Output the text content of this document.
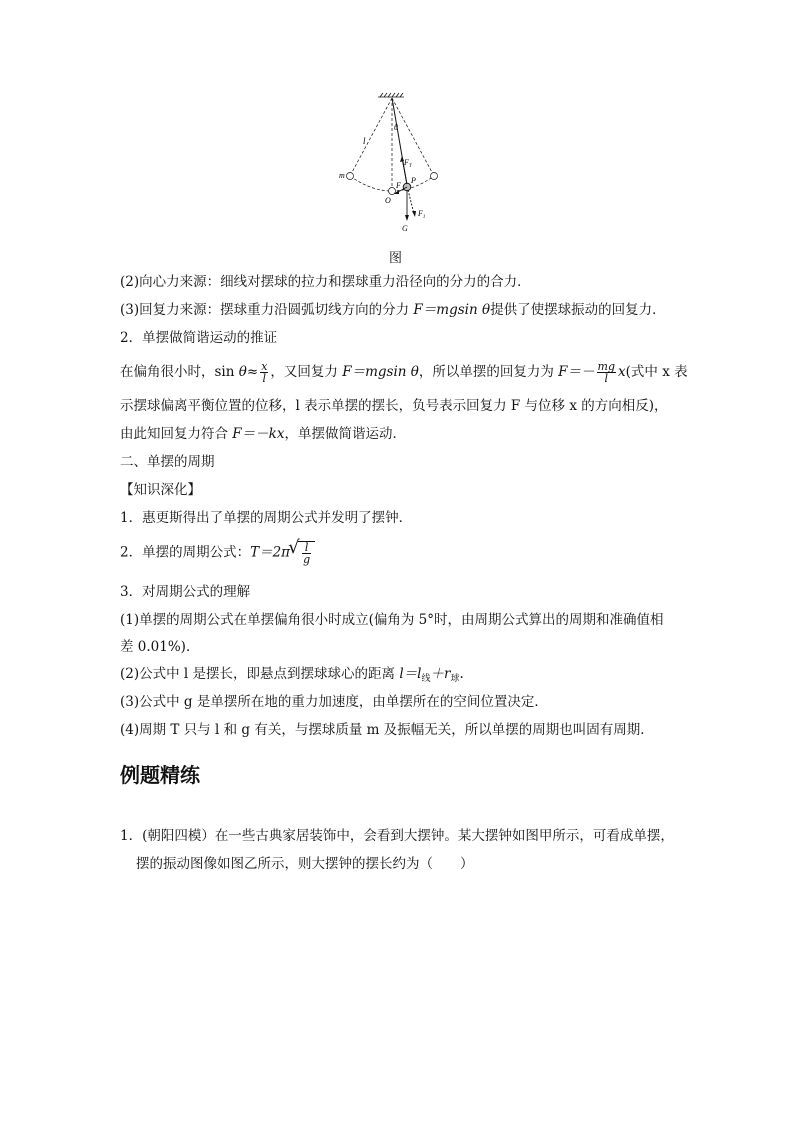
l
θ
m
O
F
P
$F_T$
$F_1$
G
图
(2)向心力来源：细线对摆球的拉力和摆球重力沿径向的分力的合力．
(3)回复力来源：摆球重力沿圆弧切线方向的分力 F＝mgsin θ提供了使摆球振动的回复力．
2．单摆做简谐运动的推证
在偏角很小时，$\sin \theta\approx \frac{x}{l}$ ，又回复力 F＝mgsin θ，所以单摆的回复力为 $F=- \frac{mg}{l} x$(式中 x 表
示摆球偏离平衡位置的位移，l 表示单摆的摆长，负号表示回复力 F 与位移 x 的方向相反)，
由此知回复力符合 F＝－kx，单摆做简谐运动．
二、单摆的周期
【知识深化】
1．惠更斯得出了单摆的周期公式并发明了摆钟．
2．单摆的周期公式：T＝2π
√ $\frac{l}{g}$
3．对周期公式的理解
(1)单摆的周期公式在单摆偏角很小时成立(偏角为 5°时，由周期公式算出的周期和准确值相
差 0.01%)．
(2)公式中 l 是摆长，即悬点到摆球球心的距离 $l=l_线+r_球$.
(3)公式中 g 是单摆所在地的重力加速度，由单摆所在的空间位置决定．
(4)周期 T 只与 l 和 g 有关，与摆球质量 m 及振幅无关，所以单摆的周期也叫固有周期．
例题精练
1．(朝阳四模）在一些古典家居装饰中，会看到大摆钟。某大摆钟如图甲所示，可看成单摆，
摆的振动图像如图乙所示，则大摆钟的摆长约为（　　）
